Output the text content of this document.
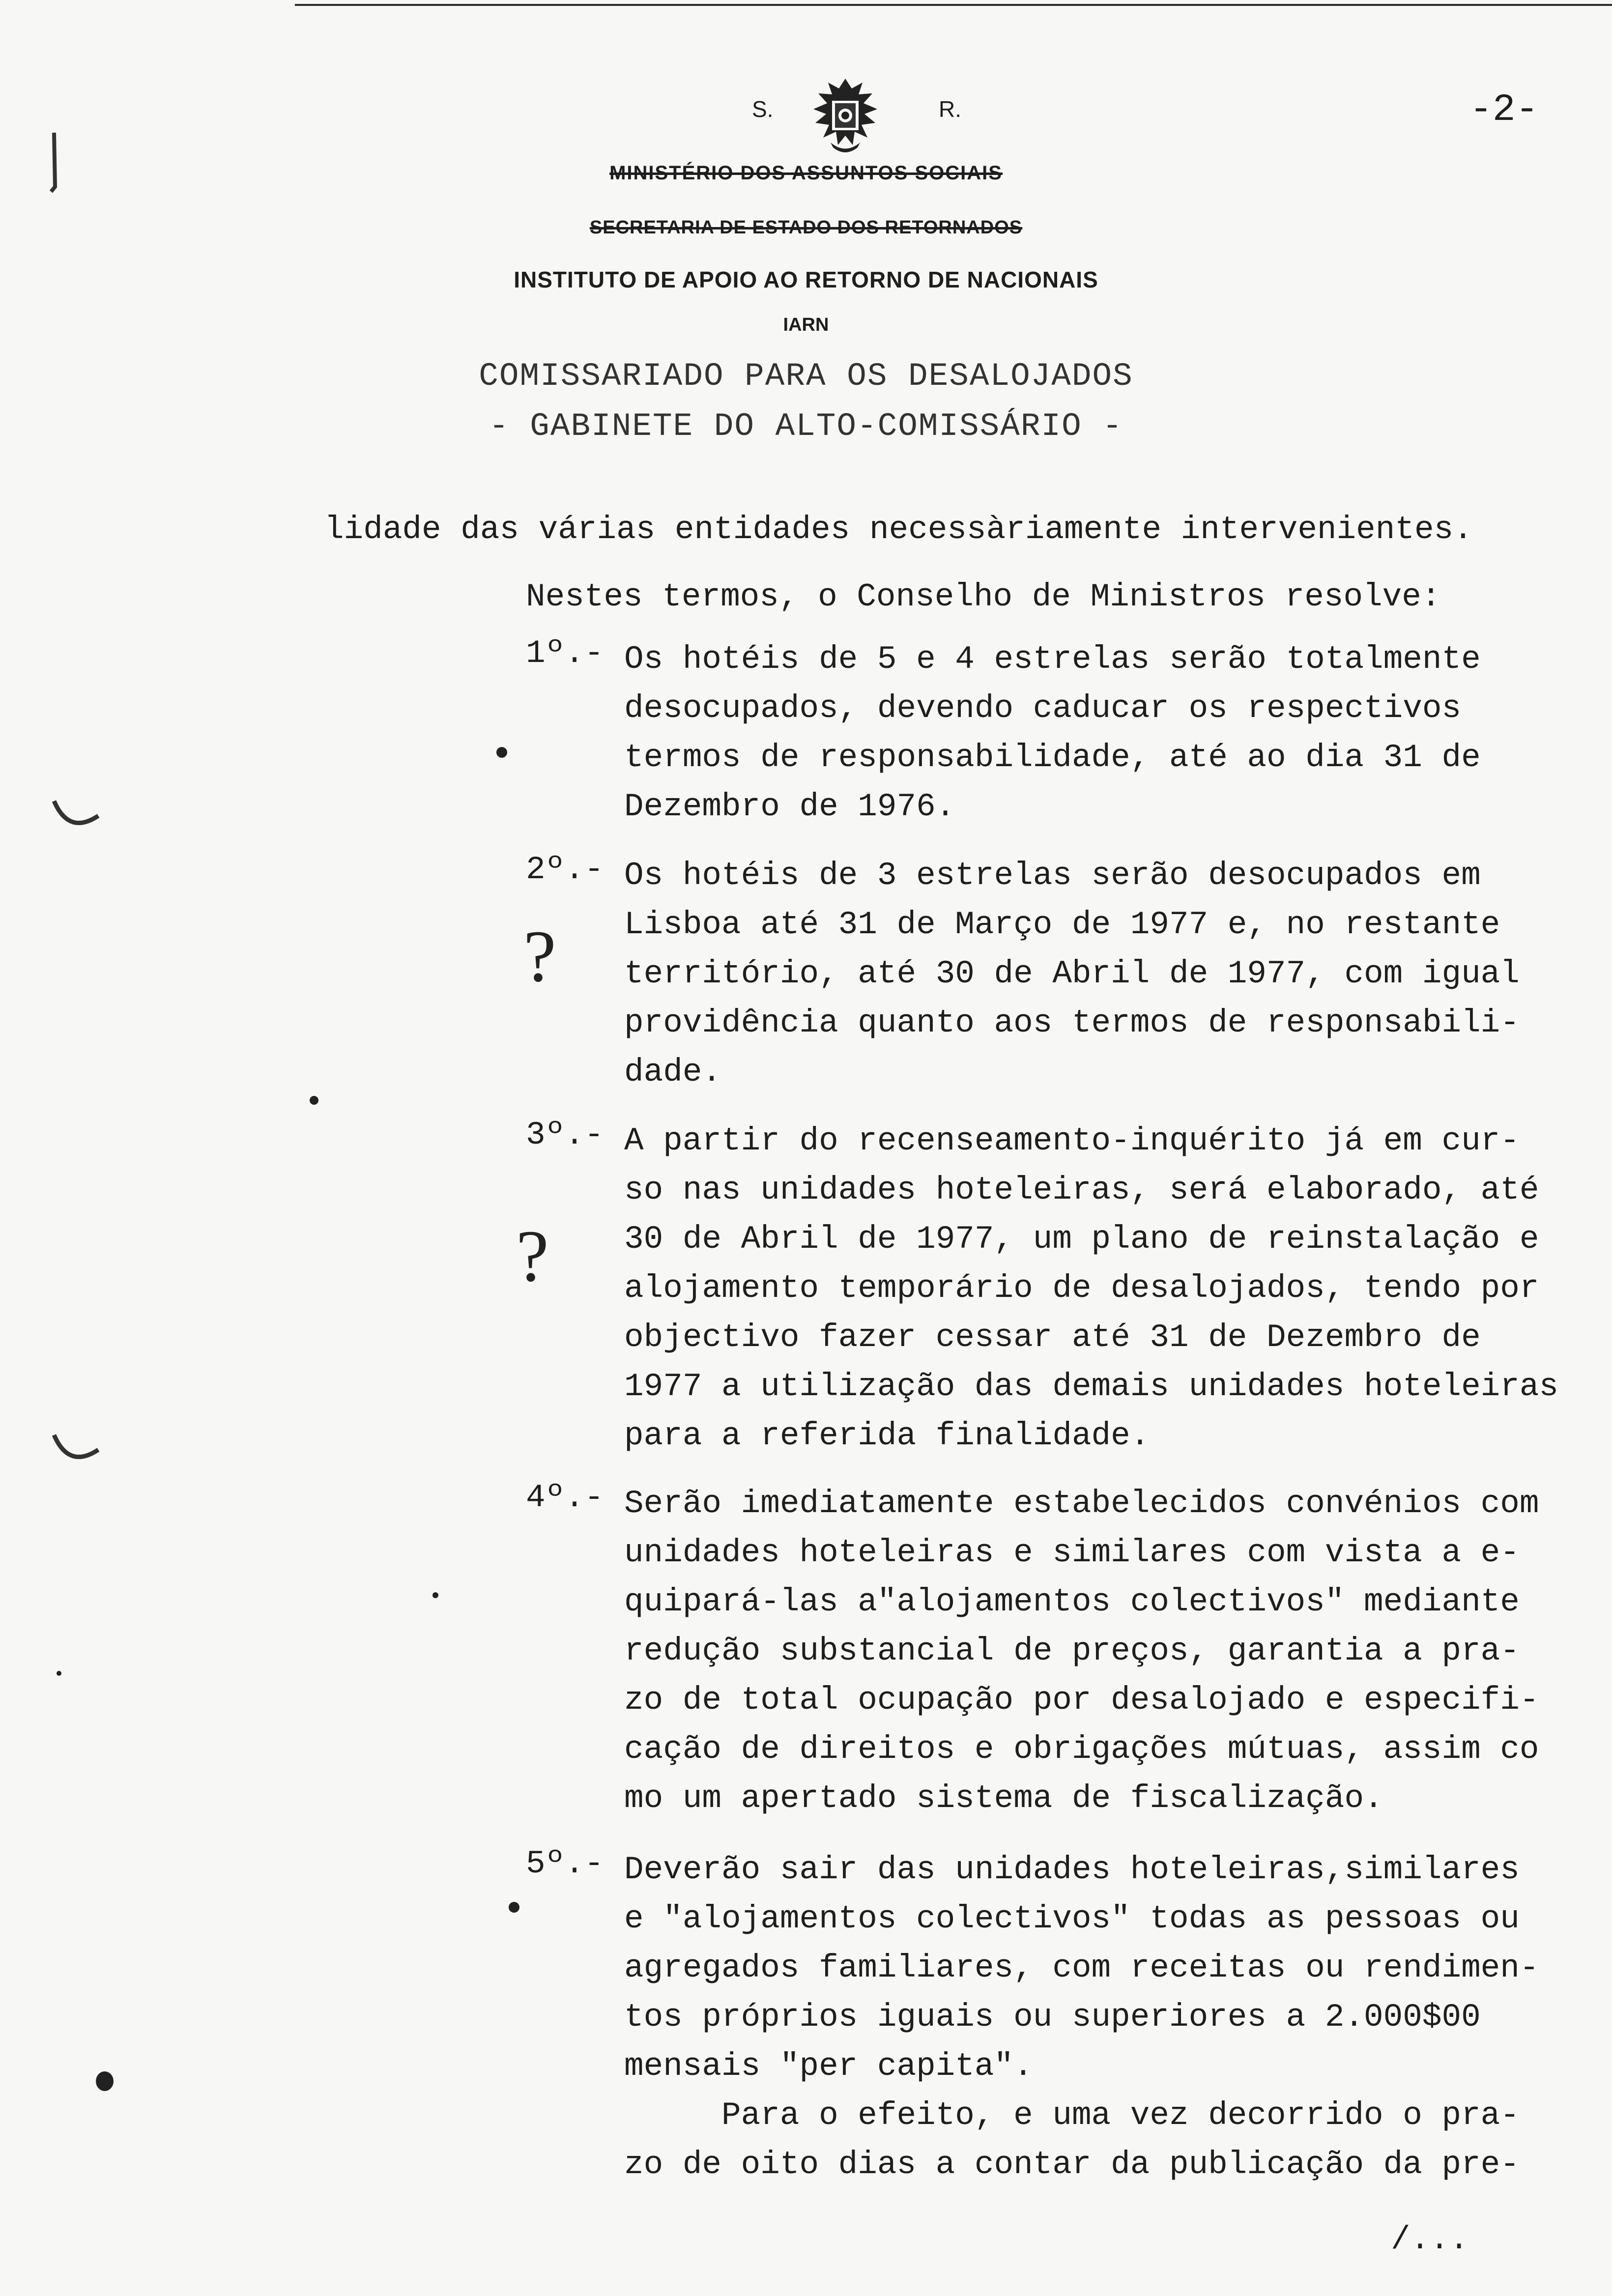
-2-
S.	R.
MINISTÉRIO DOS ASSUNTOS SOCIAIS
SECRETARIA DE ESTADO DOS RETORNADOS
INSTITUTO DE APOIO AO RETORNO DE NACIONAIS
IARN
COMISSARIADO PARA OS DESALOJADOS
- GABINETE DO ALTO-COMISSÁRIO -
lidade das várias entidades necessàriamente intervenientes.
Nestes termos, o Conselho de Ministros resolve:
1º.- Os hotéis de 5 e 4 estrelas serão totalmente
desocupados, devendo caducar os respectivos
termos de responsabilidade, até ao dia 31 de
Dezembro de 1976.
2º.- Os hotéis de 3 estrelas serão desocupados em
Lisboa até 31 de Março de 1977 e, no restante
território, até 30 de Abril de 1977, com igual
providência quanto aos termos de responsabili-
dade.
?
3º.- A partir do recenseamento-inquérito já em cur-
so nas unidades hoteleiras, será elaborado, até
30 de Abril de 1977, um plano de reinstalação e
alojamento temporário de desalojados, tendo por
objectivo fazer cessar até 31 de Dezembro de
1977 a utilização das demais unidades hoteleiras
para a referida finalidade.
?
4º.- Serão imediatamente estabelecidos convénios com
unidades hoteleiras e similares com vista a e-
quipará-las a"alojamentos colectivos" mediante
redução substancial de preços, garantia a pra-
zo de total ocupação por desalojado e especifi-
cação de direitos e obrigações mútuas, assim co
mo um apertado sistema de fiscalização.
5º.- Deverão sair das unidades hoteleiras,similares
e "alojamentos colectivos" todas as pessoas ou
agregados familiares, com receitas ou rendimen-
tos próprios iguais ou superiores a 2.000$00
mensais "per capita".
Para o efeito, e uma vez decorrido o pra-
zo de oito dias a contar da publicação da pre-
/...
